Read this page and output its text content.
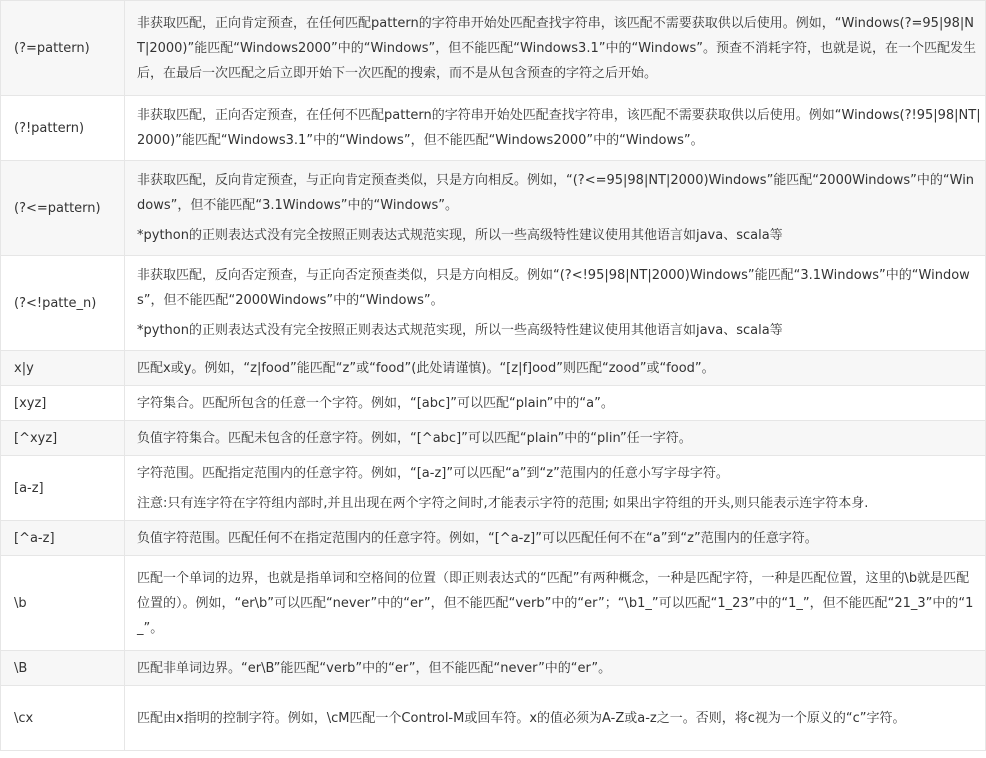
(?=pattern)	非获取匹配，正向肯定预查，在任何匹配pattern的字符串开始处匹配查找字符串，该匹配不需要获取供以后使用。例如，“Windows(?=95|98|NT|2000)”能匹配“Windows2000”中的“Windows”，但不能匹配“Windows3.1”中的“Windows”。预查不消耗字符，也就是说，在一个匹配发生后，在最后一次匹配之后立即开始下一次匹配的搜索，而不是从包含预查的字符之后开始。

(?!pattern)	非获取匹配，正向否定预查，在任何不匹配pattern的字符串开始处匹配查找字符串，该匹配不需要获取供以后使用。例如“Windows(?!95|98|NT|2000)”能匹配“Windows3.1”中的“Windows”，但不能匹配“Windows2000”中的“Windows”。

(?<=pattern)	非获取匹配，反向肯定预查，与正向肯定预查类似，只是方向相反。例如，“(?<=95|98|NT|2000)Windows”能匹配“2000Windows”中的“Windows”，但不能匹配“3.1Windows”中的“Windows”。
*python的正则表达式没有完全按照正则表达式规范实现，所以一些高级特性建议使用其他语言如java、scala等

(?<!patte_n)	非获取匹配，反向否定预查，与正向否定预查类似，只是方向相反。例如“(?<!95|98|NT|2000)Windows”能匹配“3.1Windows”中的“Windows”，但不能匹配“2000Windows”中的“Windows”。
*python的正则表达式没有完全按照正则表达式规范实现，所以一些高级特性建议使用其他语言如java、scala等

x|y	匹配x或y。例如，“z|food”能匹配“z”或“food”(此处请谨慎)。“[z|f]ood”则匹配“zood”或“food”。

[xyz]	字符集合。匹配所包含的任意一个字符。例如，“[abc]”可以匹配“plain”中的“a”。

[^xyz]	负值字符集合。匹配未包含的任意字符。例如，“[^abc]”可以匹配“plain”中的“plin”任一字符。

[a-z]	字符范围。匹配指定范围内的任意字符。例如，“[a-z]”可以匹配“a”到“z”范围内的任意小写字母字符。
注意:只有连字符在字符组内部时,并且出现在两个字符之间时,才能表示字符的范围; 如果出字符组的开头,则只能表示连字符本身.

[^a-z]	负值字符范围。匹配任何不在指定范围内的任意字符。例如，“[^a-z]”可以匹配任何不在“a”到“z”范围内的任意字符。

\b	匹配一个单词的边界，也就是指单词和空格间的位置（即正则表达式的“匹配”有两种概念，一种是匹配字符，一种是匹配位置，这里的\b就是匹配位置的）。例如，“er\b”可以匹配“never”中的“er”，但不能匹配“verb”中的“er”；“\b1_”可以匹配“1_23”中的“1_”，但不能匹配“21_3”中的“1_”。

\B	匹配非单词边界。“er\B”能匹配“verb”中的“er”，但不能匹配“never”中的“er”。

\cx	匹配由x指明的控制字符。例如，\cM匹配一个Control-M或回车符。x的值必须为A-Z或a-z之一。否则，将c视为一个原义的“c”字符。
